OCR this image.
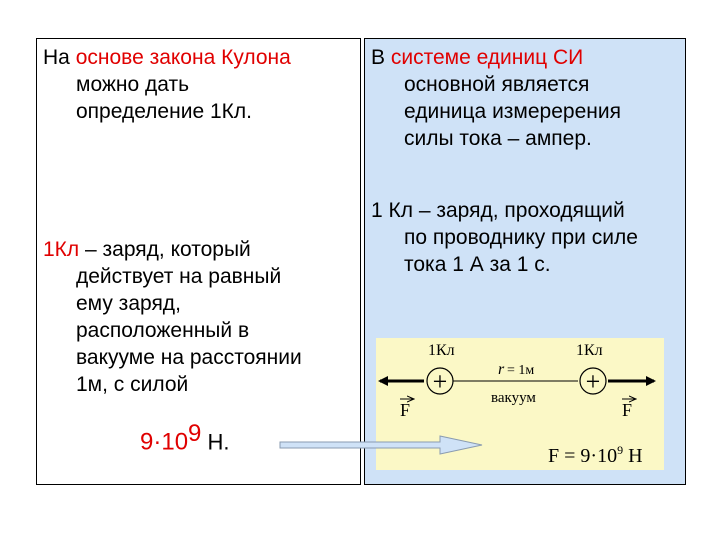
На основе закона Кулона
можно дать
определение 1Кл.

1Кл – заряд, который
действует на равный
ему заряд,
расположенный в
вакууме на расстоянии
1м, с силой

$9\cdot 10^9$ Н.

В системе единиц СИ
основной является
единица измеререния
силы тока – ампер.

1 Кл – заряд, проходящий
по проводнику при силе
тока 1 А за 1 с.

1Кл	1Кл
r = 1м
+	+
вакуум
F	F
$F = 9\cdot 10^9$ Н
